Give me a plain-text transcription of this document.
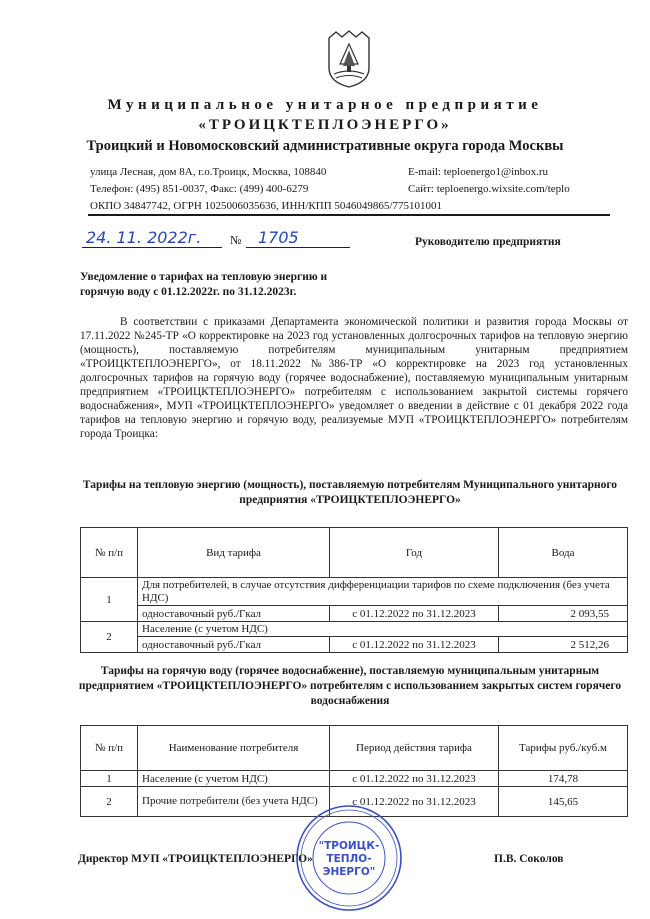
Муниципальное унитарное предприятие
«ТРОИЦКТЕПЛОЭНЕРГО»
Троицкий и Новомосковский административные округа города Москвы
улица Лесная, дом 8А, г.о.Троицк, Москва, 108840
Телефон: (495) 851-0037, Факс: (499) 400-6279
E-mail: teploenergo1@inbox.ru
Сайт: teploenergo.wixsite.com/teplo
ОКПО 34847742, ОГРН 1025006035636, ИНН/КПП 5046049865/775101001
24. 11. 2022г. № 1705	Руководителю предприятия
Уведомление о тарифах на тепловую энергию и
горячую воду с 01.12.2022г. по 31.12.2023г.
В соответствии с приказами Департамента экономической политики и развития города Москвы от 17.11.2022 №245-ТР «О корректировке на 2023 год установленных долгосрочных тарифов на тепловую энергию (мощность), поставляемую потребителям муниципальным унитарным предприятием «ТРОИЦКТЕПЛОЭНЕРГО», от 18.11.2022 №386-ТР «О корректировке на 2023 год установленных долгосрочных тарифов на горячую воду (горячее водоснабжение), поставляемую муниципальным унитарным предприятием «ТРОИЦКТЕПЛОЭНЕРГО» потребителям с использованием закрытой системы горячего водоснабжения», МУП «ТРОИЦКТЕПЛОЭНЕРГО» уведомляет о введении в действие с 01 декабря 2022 года тарифов на тепловую энергию и горячую воду, реализуемые МУП «ТРОИЦКТЕПЛОЭНЕРГО» потребителям города Троицка:
Тарифы на тепловую энергию (мощность), поставляемую потребителям Муниципального унитарного предприятия «ТРОИЦКТЕПЛОЭНЕРГО»
№ п/п	Вид тарифа	Год	Вода
1	Для потребителей, в случае отсутствия дифференциации тарифов по схеме подключения (без учета НДС)		
	одноставочный руб./Гкал	с 01.12.2022 по 31.12.2023	2 093,55
2	Население (с учетом НДС)		
	одноставочный руб./Гкал	с 01.12.2022 по 31.12.2023	2 512,26
Тарифы на горячую воду (горячее водоснабжение), поставляемую муниципальным унитарным предприятием «ТРОИЦКТЕПЛОЭНЕРГО» потребителям с использованием закрытых систем горячего водоснабжения
№ п/п	Наименование потребителя	Период действия тарифа	Тарифы руб./куб.м
1	Население (с учетом НДС)	с 01.12.2022 по 31.12.2023	174,78
2	Прочие потребители (без учета НДС)	с 01.12.2022 по 31.12.2023	145,65
"ТРОИЦК-
ТЕПЛО-
ЭНЕРГО"
Директор МУП «ТРОИЦКТЕПЛОЭНЕРГО»	П.В. Соколов
